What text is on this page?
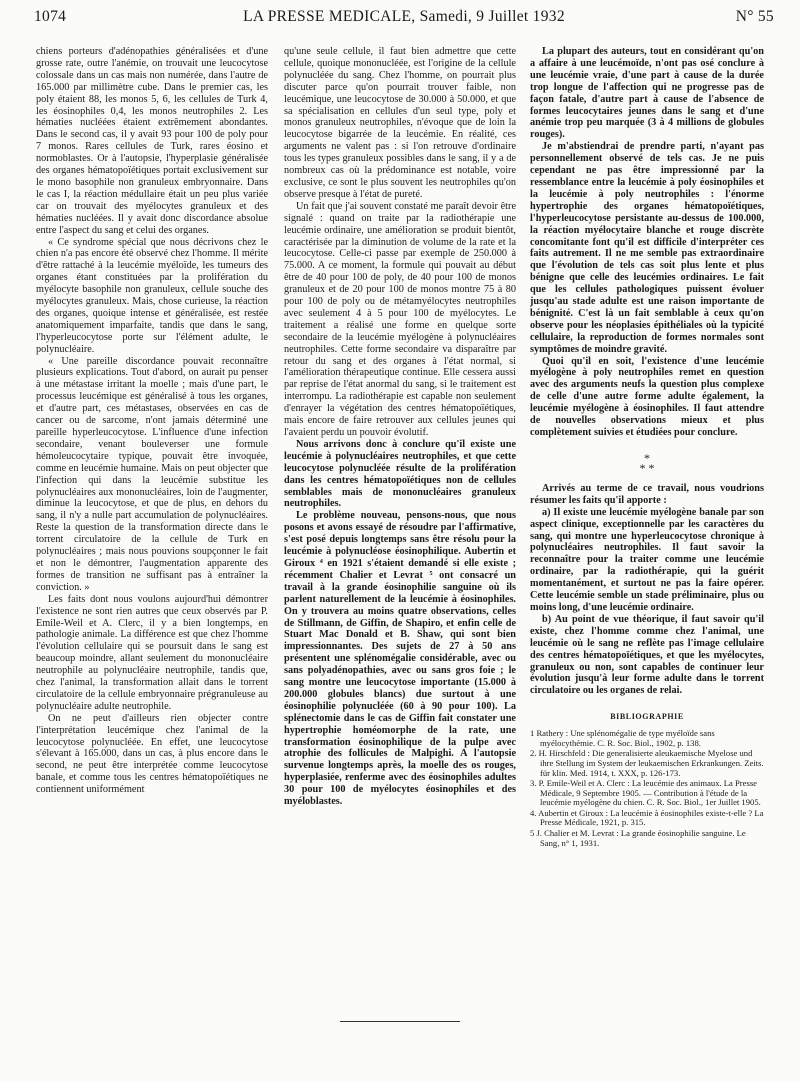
1074	LA PRESSE MEDICALE, Samedi, 9 Juillet 1932	N° 55

chiens porteurs d'adénopathies généralisées et d'une grosse rate, outre l'anémie, on trouvait une leucocytose colossale dans un cas mais non numérée, dans l'autre de 165.000 par millimètre cube. Dans le premier cas, les poly étaient 88, les monos 5, 6, les cellules de Turk 4, les éosinophiles 0,4, les monos neutrophiles 2. Les hématies nucléées étaient extrêmement abondantes. Dans le second cas, il y avait 93 pour 100 de poly pour 7 monos. Rares cellules de Turk, rares éosino et normoblastes. Or à l'autopsie, l'hyperplasie généralisée des organes hématopoïétiques portait exclusivement sur le mono basophile non granuleux embryonnaire. Dans le cas I, la réaction médullaire était un peu plus variée car on trouvait des myélocytes granuleux et des hématies nucléées. Il y avait donc discordance absolue entre l'aspect du sang et celui des organes.

« Ce syndrome spécial que nous décrivons chez le chien n'a pas encore été observé chez l'homme. Il mérite d'être rattaché à la leucémie myéloïde, les tumeurs des organes étant constituées par la prolifération du myélocyte basophile non granuleux, cellule souche des myélocytes granuleux. Mais, chose curieuse, la réaction des organes, quoique intense et généralisée, est restée anatomiquement imparfaite, tandis que dans le sang, l'hyperleucocytose porte sur l'élément adulte, le polynucléaire.

« Une pareille discordance pouvait reconnaître plusieurs explications. Tout d'abord, on aurait pu penser à une métastase irritant la moelle ; mais d'une part, le processus leucémique est généralisé à tous les organes, et d'autre part, ces métastases, observées en cas de cancer ou de sarcome, n'ont jamais déterminé une pareille hyperleucocytose. L'influence d'une infection secondaire, venant bouleverser une formule hémoleucocytaire typique, pouvait être invoquée, comme en leucémie humaine. Mais on peut objecter que l'infection qui dans la leucémie substitue les polynucléaires aux mononucléaires, loin de l'augmenter, diminue la leucocytose, et que de plus, en dehors du sang, il n'y a nulle part accumulation de polynucléaires. Reste la question de la transformation directe dans le torrent circulatoire de la cellule de Turk en polynucléaires ; mais nous pouvions soupçonner le fait et non le démontrer, l'augmentation apparente des formes de transition ne suffisant pas à entraîner la conviction. »

Les faits dont nous voulons aujourd'hui démontrer l'existence ne sont rien autres que ceux observés par P. Emile-Weil et A. Clerc, il y a bien longtemps, en pathologie animale. La différence est que chez l'homme l'évolution cellulaire qui se poursuit dans le sang est beaucoup moindre, allant seulement du mononucléaire neutrophile au polynucléaire neutrophile, tandis que, chez l'animal, la transformation allait dans le torrent circulatoire de la cellule embryonnaire prégranuleuse au polynucléaire adulte neutrophile.

On ne peut d'ailleurs rien objecter contre l'interprétation leucémique chez l'animal de la leucocytose polynucléée. En effet, une leucocytose s'élevant à 165.000, dans un cas, à plus encore dans le second, ne peut être interprétée comme leucocytose banale, et comme tous les centres hématopoïétiques ne contiennent uniformément

qu'une seule cellule, il faut bien admettre que cette cellule, quoique mononucléée, est l'origine de la cellule polynucléée du sang. Chez l'homme, on pourrait plus discuter parce qu'on pourrait trouver faible, non leucémique, une leucocytose de 30.000 à 50.000, et que sa spécialisation en cellules d'un seul type, poly et monos granuleux neutrophiles, n'évoque que de loin la leucocytose bigarrée de la leucémie. En réalité, ces arguments ne valent pas : si l'on retrouve d'ordinaire tous les types granuleux possibles dans le sang, il y a de nombreux cas où la prédominance est notable, voire exclusive, ce sont le plus souvent les neutrophiles qu'on observe presque à l'état de pureté.

Un fait que j'ai souvent constaté me paraît devoir être signalé : quand on traite par la radiothérapie une leucémie ordinaire, une amélioration se produit bientôt, caractérisée par la diminution de volume de la rate et la leucocytose. Celle-ci passe par exemple de 250.000 à 75.000. A ce moment, la formule qui pouvait au début être de 40 pour 100 de poly, de 40 pour 100 de monos granuleux et de 20 pour 100 de monos montre 75 à 80 pour 100 de poly ou de métamyélocytes neutrophiles avec seulement 4 à 5 pour 100 de myélocytes. Le traitement a réalisé une forme en quelque sorte secondaire de la leucémie myélogène à polynucléaires neutrophiles. Cette forme secondaire va disparaître par retour du sang et des organes à l'état normal, si l'amélioration thérapeutique continue. Elle cessera aussi par reprise de l'état anormal du sang, si le traitement est interrompu. La radiothérapie est capable non seulement d'enrayer la végétation des centres hématopoïétiques, mais encore de faire retrouver aux cellules jeunes qui l'avaient perdu un pouvoir évolutif.

Nous arrivons donc à conclure qu'il existe une leucémie à polynucléaires neutrophiles, et que cette leucocytose polynucléée résulte de la prolifération dans les centres hématopoïétiques non de cellules semblables mais de mononucléaires granuleux neutrophiles.

Le problème nouveau, pensons-nous, que nous posons et avons essayé de résoudre par l'affirmative, s'est posé depuis longtemps sans être résolu pour la leucémie à polynucléose éosinophilique. Aubertin et Giroux ⁴ en 1921 s'étaient demandé si elle existe ; récemment Chalier et Levrat ⁵ ont consacré un travail à la grande éosinophilie sanguine où ils parlent naturellement de la leucémie à éosinophiles. On y trouvera au moins quatre observations, celles de Stillmann, de Giffin, de Shapiro, et enfin celle de Stuart Mac Donald et B. Shaw, qui sont bien impressionnantes. Des sujets de 27 à 50 ans présentent une splénomégalie considérable, avec ou sans polyadénopathies, avec ou sans gros foie ; le sang montre une leucocytose importante (15.000 à 200.000 globules blancs) due surtout à une éosinophilie polynucléée (60 à 90 pour 100). La splénectomie dans le cas de Giffin fait constater une hypertrophie homéomorphe de la rate, une transformation éosinophilique de la pulpe avec atrophie des follicules de Malpighi. A l'autopsie survenue longtemps après, la moelle des os rouges, hyperplasiée, renferme avec des éosinophiles adultes 30 pour 100 de myélocytes éosinophiles et des myéloblastes.

La plupart des auteurs, tout en considérant qu'on a affaire à une leucémoïde, n'ont pas osé conclure à une leucémie vraie, d'une part à cause de la durée trop longue de l'affection qui ne progresse pas de façon fatale, d'autre part à cause de l'absence de formes leucocytaires jeunes dans le sang et d'une anémie trop peu marquée (3 à 4 millions de globules rouges).

Je m'abstiendrai de prendre parti, n'ayant pas personnellement observé de tels cas. Je ne puis cependant ne pas être impressionné par la ressemblance entre la leucémie à poly éosinophiles et la leucémie à poly neutrophiles : l'énorme hypertrophie des organes hématopoïétiques, l'hyperleucocytose persistante au-dessus de 100.000, la réaction myélocytaire blanche et rouge discrète concomitante font qu'il est difficile d'interpréter ces faits autrement. Il ne me semble pas extraordinaire que l'évolution de tels cas soit plus lente et plus bénigne que celle des leucémies ordinaires. Le fait que les cellules pathologiques puissent évoluer jusqu'au stade adulte est une raison importante de bénignité. C'est là un fait semblable à ceux qu'on observe pour les néoplasies épithéliales où la typicité cellulaire, la reproduction de formes normales sont symptômes de moindre gravité.

Quoi qu'il en soit, l'existence d'une leucémie myélogène à poly neutrophiles remet en question avec des arguments neufs la question plus complexe de celle d'une autre forme adulte également, la leucémie myélogène à éosinophiles. Il faut attendre de nouvelles observations mieux et plus complètement suivies et étudiées pour conclure.

*
* *

Arrivés au terme de ce travail, nous voudrions résumer les faits qu'il apporte :

a) Il existe une leucémie myélogène banale par son aspect clinique, exceptionnelle par les caractères du sang, qui montre une hyperleucocytose chronique à polynucléaires neutrophiles. Il faut savoir la reconnaître pour la traiter comme une leucémie ordinaire, par la radiothérapie, qui la guérit momentanément, et surtout ne pas la faire opérer. Cette leucémie semble un stade préliminaire, plus ou moins long, d'une leucémie ordinaire.

b) Au point de vue théorique, il faut savoir qu'il existe, chez l'homme comme chez l'animal, une leucémie où le sang ne reflète pas l'image cellulaire des centres hématopoïétiques, et que les myélocytes, granuleux ou non, sont capables de continuer leur évolution jusqu'à leur forme adulte dans le torrent circulatoire ou les organes de relai.

BIBLIOGRAPHIE
1 Rathery : Une splénomégalie de type myéloïde sans myélocythémie. C. R. Soc. Biol., 1902, p. 138.
2. H. Hirschfeld : Die generalisierte aleukaemische Myelose und ihre Stellung im System der leukaemischen Erkrankungen. Zeits. für klin. Med. 1914, t. XXX, p. 126-173.
3. P. Emile-Weil et A. Clerc : La leucémie des animaux. La Presse Médicale, 9 Septembre 1905. — Contribution à l'étude de la leucémie myélogène du chien. C. R. Soc. Biol., 1er Juillet 1905.
4. Aubertin et Giroux : La leucémie à éosinophiles existe-t-elle ? La Presse Médicale, 1921, p. 315.
5 J. Chalier et M. Levrat : La grande éosinophilie sanguine. Le Sang, n° 1, 1931.
